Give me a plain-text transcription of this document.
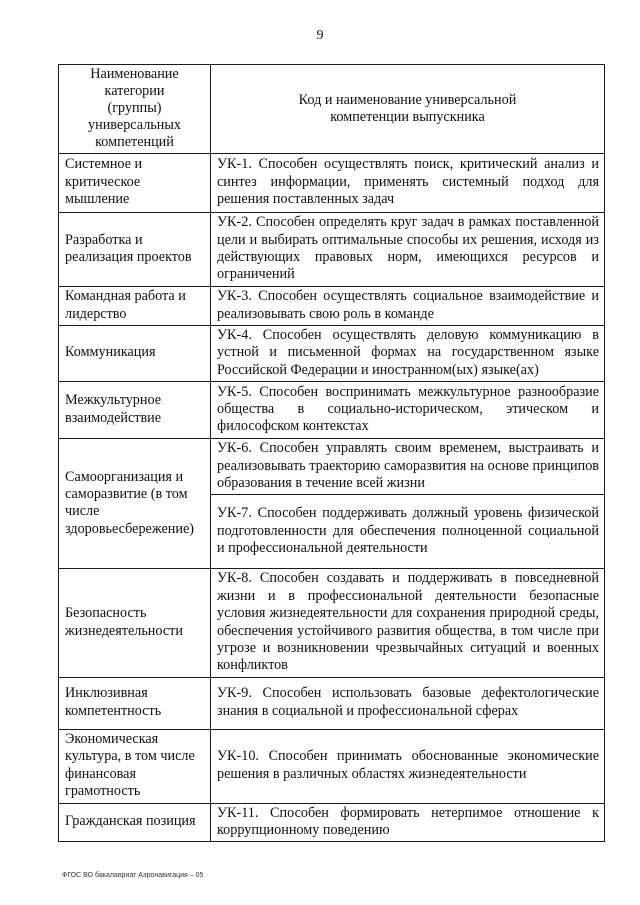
9
Наименование категории (группы) универсальных компетенций	Код и наименование универсальной компетенции выпускника
Системное и критическое мышление	УК-1. Способен осуществлять поиск, критический анализ и синтез информации, применять системный подход для решения поставленных задач
Разработка и реализация проектов	УК-2. Способен определять круг задач в рамках поставленной цели и выбирать оптимальные способы их решения, исходя из действующих правовых норм, имеющихся ресурсов и ограничений
Командная работа и лидерство	УК-3. Способен осуществлять социальное взаимодействие и реализовывать свою роль в команде
Коммуникация	УК-4. Способен осуществлять деловую коммуникацию в устной и письменной формах на государственном языке Российской Федерации и иностранном(ых) языке(ах)
Межкультурное взаимодействие	УК-5. Способен воспринимать межкультурное разнообразие общества в социально-историческом, этическом и философском контекстах
Самоорганизация и саморазвитие (в том числе здоровьесбережение)	УК-6. Способен управлять своим временем, выстраивать и реализовывать траекторию саморазвития на основе принципов образования в течение всей жизни
	УК-7. Способен поддерживать должный уровень физической подготовленности для обеспечения полноценной социальной и профессиональной деятельности
Безопасность жизнедеятельности	УК-8. Способен создавать и поддерживать в повседневной жизни и в профессиональной деятельности безопасные условия жизнедеятельности для сохранения природной среды, обеспечения устойчивого развития общества, в том числе при угрозе и возникновении чрезвычайных ситуаций и военных конфликтов
Инклюзивная компетентность	УК-9. Способен использовать базовые дефектологические знания в социальной и профессиональной сферах
Экономическая культура, в том числе финансовая грамотность	УК-10. Способен принимать обоснованные экономические решения в различных областях жизнедеятельности
Гражданская позиция	УК-11. Способен формировать нетерпимое отношение к коррупционному поведению
ФГОС ВО бакалавриат Аэронавигация – 05
